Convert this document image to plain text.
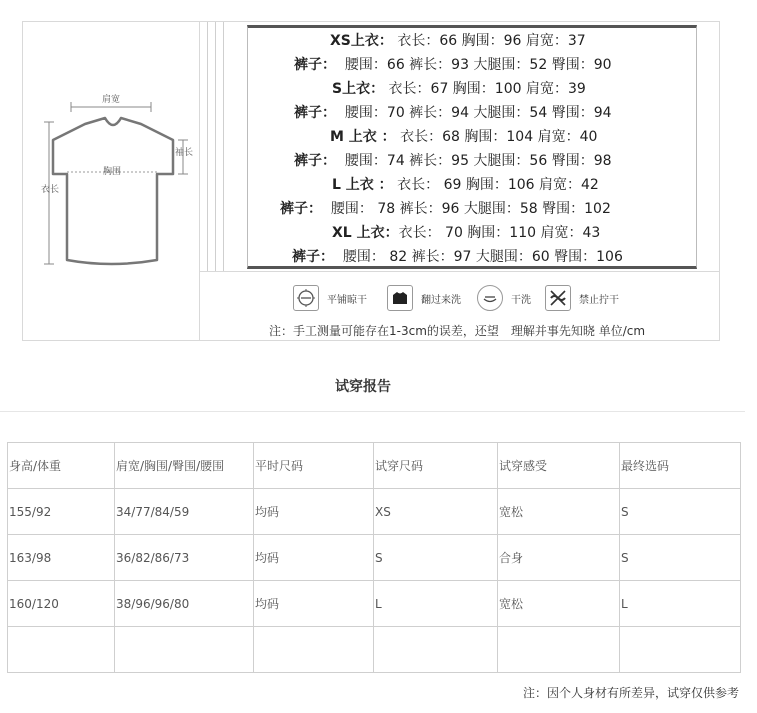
肩宽
袖长
胸围
衣长
XS上衣： 衣长：66 胸围：96 肩宽：37
裤子： 腰围：66 裤长：93 大腿围：52 臀围：90
S上衣： 衣长：67 胸围：100 肩宽：39
裤子： 腰围：70 裤长：94 大腿围：54 臀围：94
M 上衣 ： 衣长：68 胸围：104 肩宽：40
裤子： 腰围：74 裤长：95 大腿围：56 臀围：98
L 上衣 ： 衣长： 69 胸围：106 肩宽：42
裤子： 腰围： 78 裤长：96 大腿围：58 臀围：102
XL 上衣：衣长： 70 胸围：110 肩宽：43
裤子： 腰围： 82 裤长：97 大腿围：60 臀围：106
平铺晾干	翻过来洗	干洗	禁止拧干
注：手工测量可能存在1-3cm的误差，还望　理解并事先知晓 单位/cm
试穿报告
身高/体重	肩宽/胸围/臀围/腰围	平时尺码	试穿尺码	试穿感受	最终选码
155/92	34/77/84/59	均码	XS	宽松	S
163/98	36/82/86/73	均码	S	合身	S
160/120	38/96/96/80	均码	L	宽松	L

注：因个人身材有所差异，试穿仅供参考
